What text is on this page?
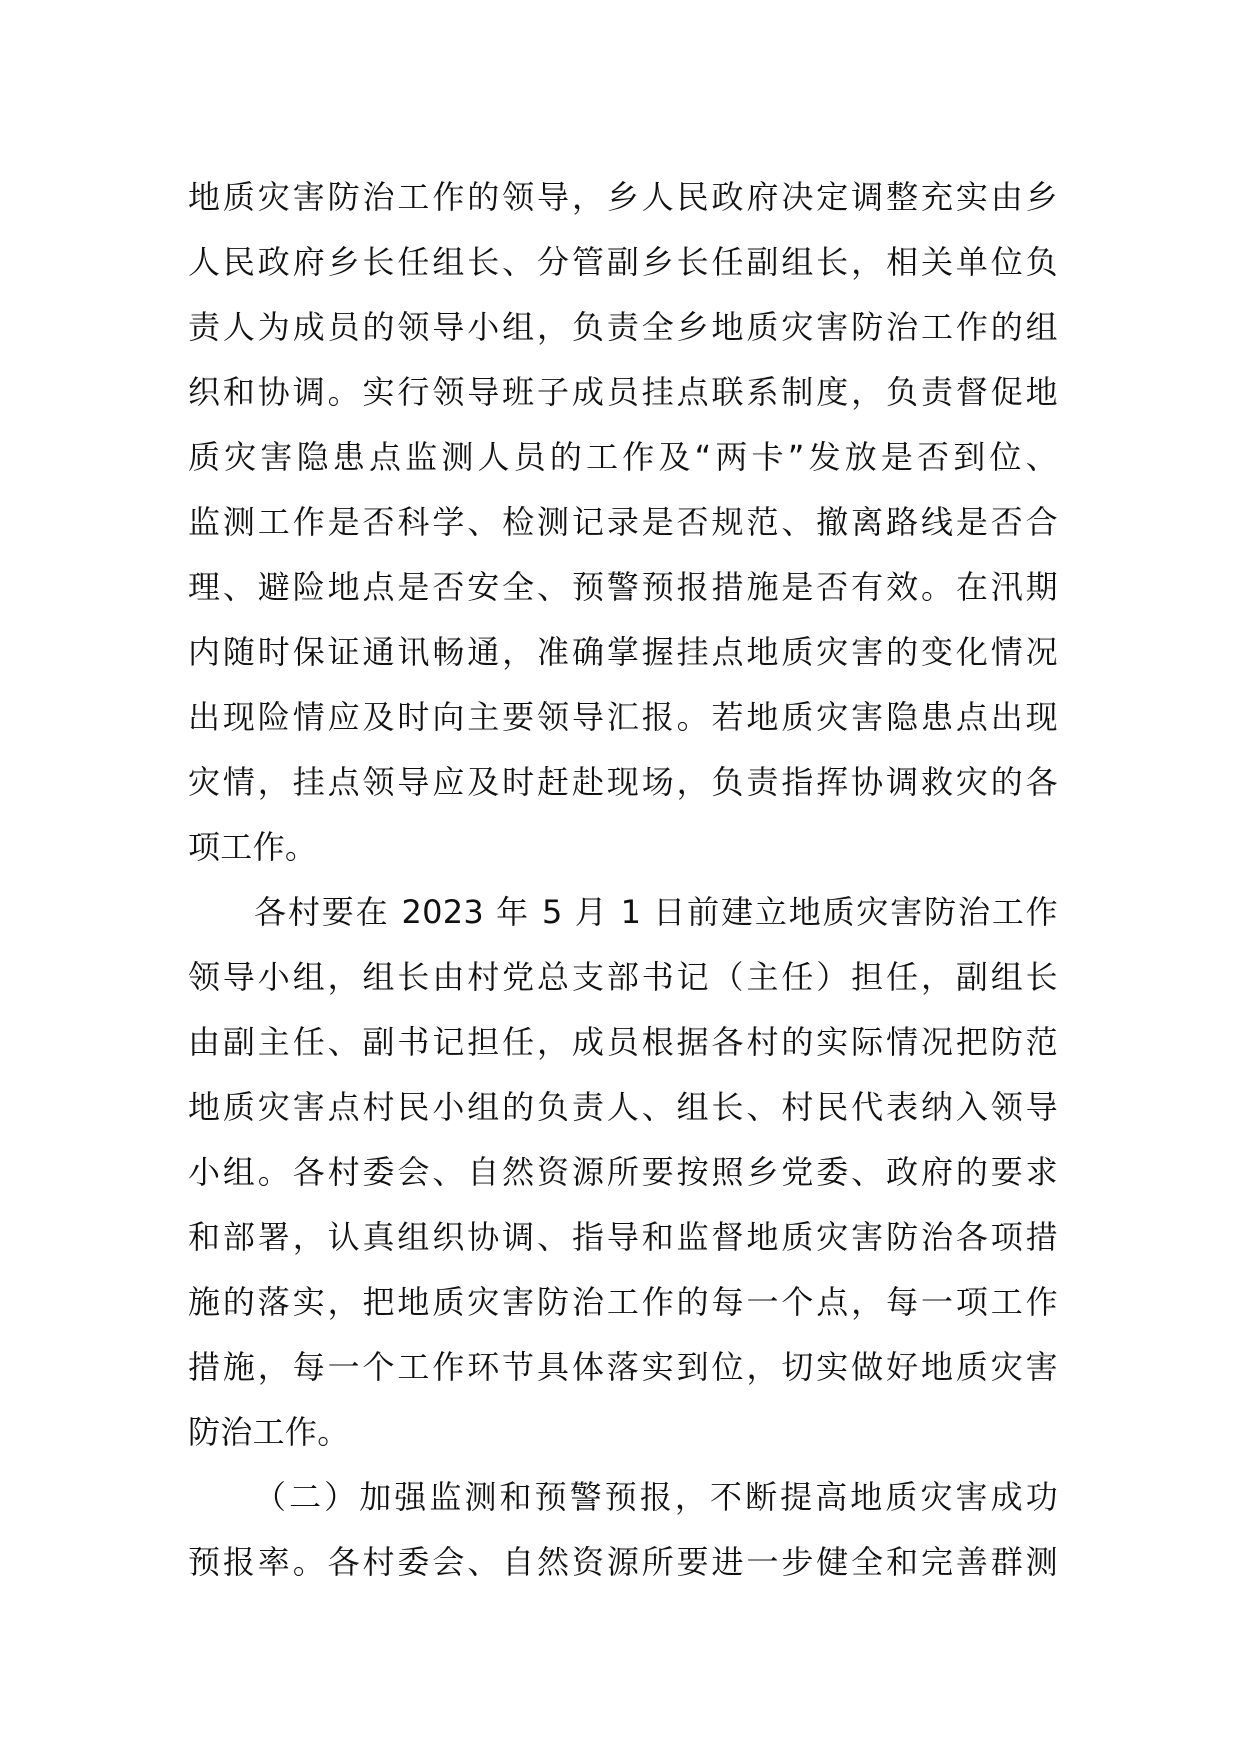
地质灾害防治工作的领导，乡人民政府决定调整充实由乡
人民政府乡长任组长、分管副乡长任副组长，相关单位负
责人为成员的领导小组，负责全乡地质灾害防治工作的组
织和协调。实行领导班子成员挂点联系制度，负责督促地
质灾害隐患点监测人员的工作及“两卡”发放是否到位、
监测工作是否科学、检测记录是否规范、撤离路线是否合
理、避险地点是否安全、预警预报措施是否有效。在汛期
内随时保证通讯畅通，准确掌握挂点地质灾害的变化情况
出现险情应及时向主要领导汇报。若地质灾害隐患点出现
灾情，挂点领导应及时赶赴现场，负责指挥协调救灾的各
项工作。
各村要在 2023 年 5 月 1 日前建立地质灾害防治工作
领导小组，组长由村党总支部书记（主任）担任，副组长
由副主任、副书记担任，成员根据各村的实际情况把防范
地质灾害点村民小组的负责人、组长、村民代表纳入领导
小组。各村委会、自然资源所要按照乡党委、政府的要求
和部署，认真组织协调、指导和监督地质灾害防治各项措
施的落实，把地质灾害防治工作的每一个点，每一项工作
措施，每一个工作环节具体落实到位，切实做好地质灾害
防治工作。
（二）加强监测和预警预报，不断提高地质灾害成功
预报率。各村委会、自然资源所要进一步健全和完善群测
